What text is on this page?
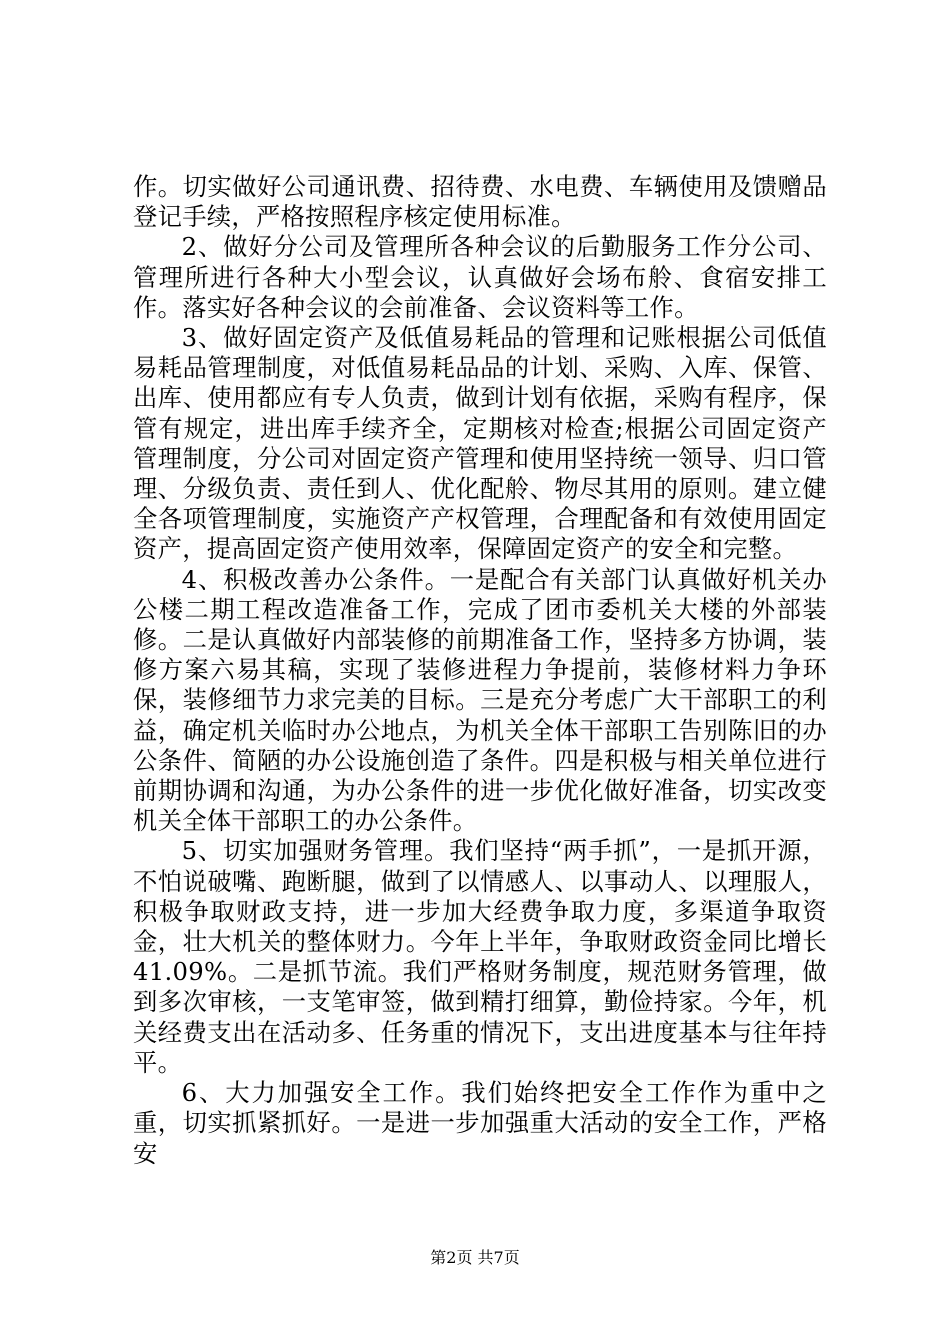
作。切实做好公司通讯费、招待费、水电费、车辆使用及馈赠品登记手续，严格按照程序核定使用标准。

2、做好分公司及管理所各种会议的后勤服务工作分公司、管理所进行各种大小型会议，认真做好会场布舲、食宿安排工作。落实好各种会议的会前准备、会议资料等工作。

3、做好固定资产及低值易耗品的管理和记账根据公司低值易耗品管理制度，对低值易耗品品的计划、采购、入库、保管、出库、使用都应有专人负责，做到计划有依据，采购有程序，保管有规定，进出库手续齐全，定期核对检查;根据公司固定资产管理制度，分公司对固定资产管理和使用坚持统一领导、归口管理、分级负责、责任到人、优化配舲、物尽其用的原则。建立健全各项管理制度，实施资产产权管理，合理配备和有效使用固定资产，提高固定资产使用效率，保障固定资产的安全和完整。

4、积极改善办公条件。一是配合有关部门认真做好机关办公楼二期工程改造准备工作，完成了团市委机关大楼的外部装修。二是认真做好内部装修的前期准备工作，坚持多方协调，装修方案六易其稿，实现了装修进程力争提前，装修材料力争环保，装修细节力求完美的目标。三是充分考虑广大干部职工的利益，确定机关临时办公地点，为机关全体干部职工告别陈旧的办公条件、简陋的办公设施创造了条件。四是积极与相关单位进行前期协调和沟通，为办公条件的进一步优化做好准备，切实改变机关全体干部职工的办公条件。

5、切实加强财务管理。我们坚持“两手抓”，一是抓开源，不怕说破嘴、跑断腿，做到了以情感人、以事动人、以理服人，积极争取财政支持，进一步加大经费争取力度，多渠道争取资金，壮大机关的整体财力。今年上半年，争取财政资金同比增长41.09%。二是抓节流。我们严格财务制度，规范财务管理，做到多次审核，一支笔审签，做到精打细算，勤俭持家。今年，机关经费支出在活动多、任务重的情况下，支出进度基本与往年持平。

6、大力加强安全工作。我们始终把安全工作作为重中之重，切实抓紧抓好。一是进一步加强重大活动的安全工作，严格安

第2页 共7页
